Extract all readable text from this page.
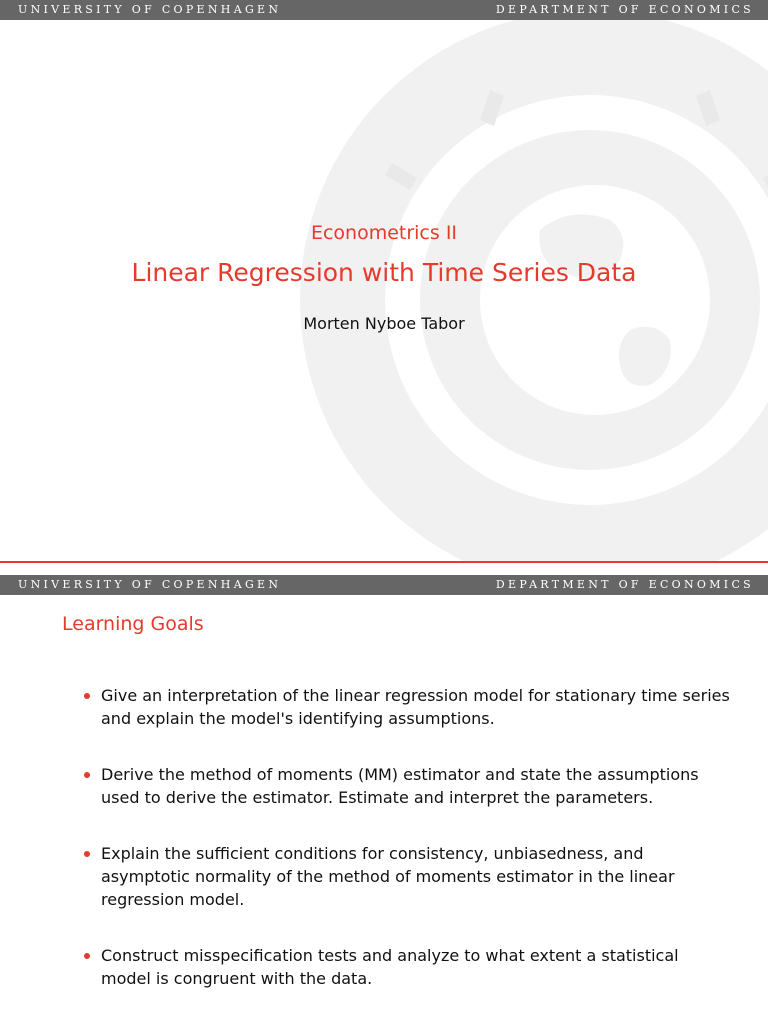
UNIVERSITY OF COPENHAGEN	DEPARTMENT OF ECONOMICS
Econometrics II
Linear Regression with Time Series Data
Morten Nyboe Tabor
UNIVERSITY OF COPENHAGEN	DEPARTMENT OF ECONOMICS
Learning Goals
Give an interpretation of the linear regression model for stationary time series and explain the model's identifying assumptions.
Derive the method of moments (MM) estimator and state the assumptions used to derive the estimator. Estimate and interpret the parameters.
Explain the sufficient conditions for consistency, unbiasedness, and asymptotic normality of the method of moments estimator in the linear regression model.
Construct misspecification tests and analyze to what extent a statistical model is congruent with the data.
